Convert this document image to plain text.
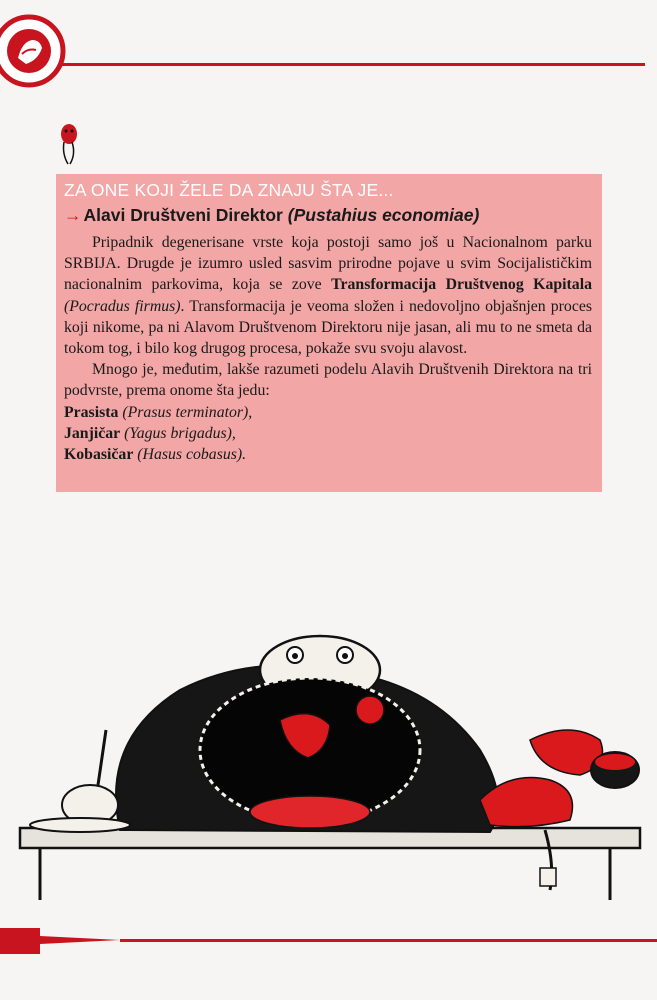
ZA ONE KOJI ŽELE DA ZNAJU ŠTA JE...
→ Alavi Društveni Direktor (Pustahius economiae)

Pripadnik degenerisane vrste koja postoji samo još u Nacionalnom parku SRBIJA. Drugde je izumro usled sasvim prirodne pojave u svim Socijalističkim nacionalnim parkovima, koja se zove Transformacija Društvenog Kapitala (Pocradus firmus). Transformacija je veoma složen i nedovoljno objašnjen proces koji nikome, pa ni Alavom Društvenom Direktoru nije jasan, ali mu to ne smeta da tokom tog, i bilo kog drugog procesa, pokaže svu svoju alavost.

Mnogo je, međutim, lakše razumeti podelu Alavih Društvenih Direktora na tri podvrste, prema onome šta jedu:

Prasista (Prasus terminator),
Janjičar (Yagus brigadus),
Kobasičar (Hasus cobasus).
30
